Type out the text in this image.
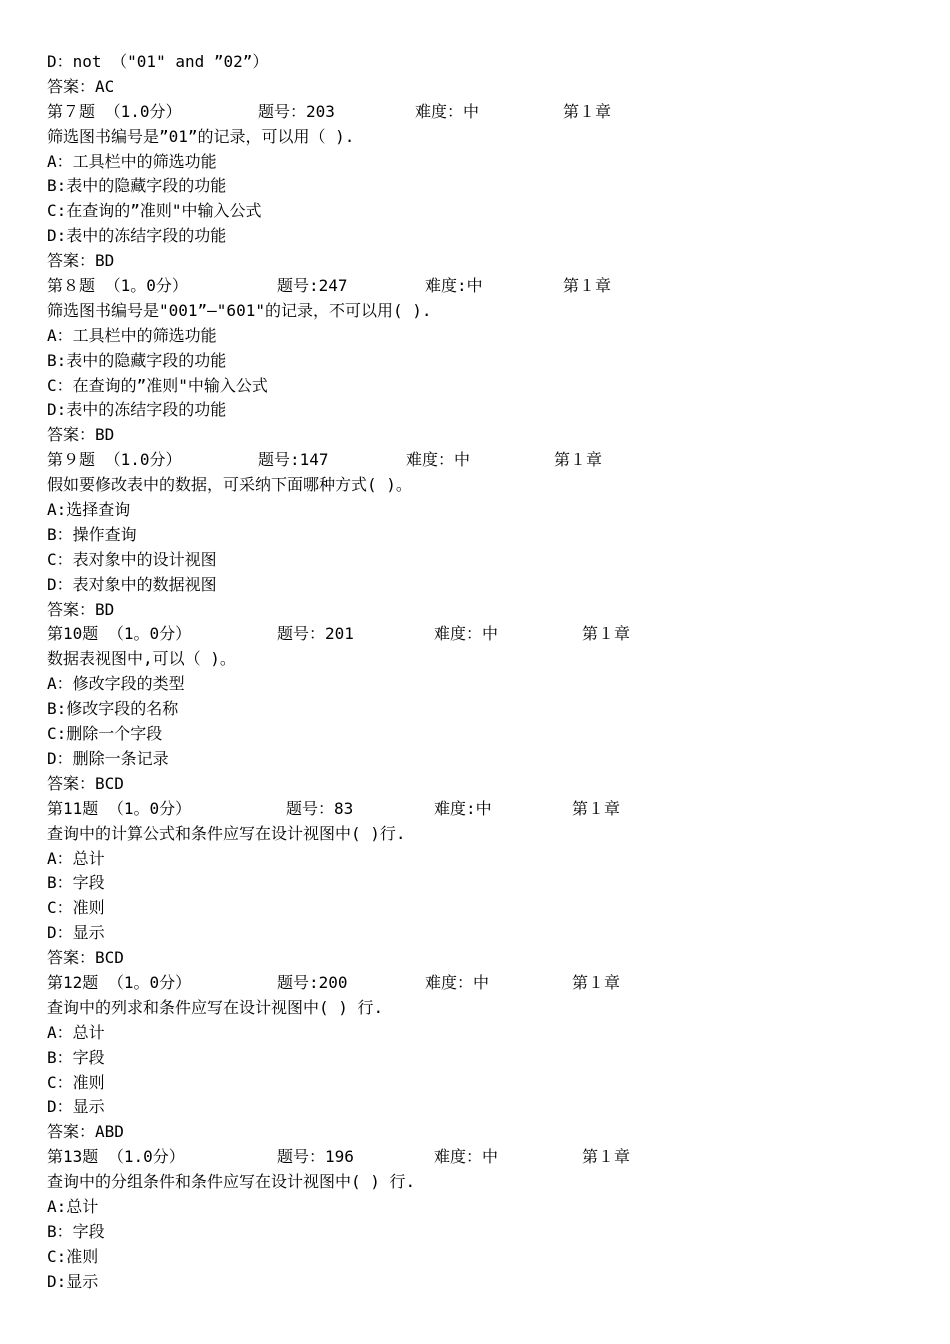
D：not （"01" and ”02”）
答案：AC

第７题 （1.0分）

	题号：203

	难度：中

	第１章

筛选图书编号是”01”的记录，可以用（ ).
A：工具栏中的筛选功能
B:表中的隐藏字段的功能
C:在查询的”准则"中输入公式
D:表中的冻结字段的功能
答案：BD

第８题 （1。0分）

	题号:247

	难度:中

	第１章

筛选图书编号是"001”—"601"的记录，不可以用( ).
A：工具栏中的筛选功能
B:表中的隐藏字段的功能
C：在查询的”准则"中输入公式
D:表中的冻结字段的功能
答案：BD

第９题 （1.0分）

	题号:147

	难度：中

	第１章

假如要修改表中的数据，可采纳下面哪种方式( )。
A:选择查询
B：操作查询
C：表对象中的设计视图
D：表对象中的数据视图
答案：BD

第10题 （1。0分）

	题号：201

	难度：中

	第１章

数据表视图中,可以（ )。
A：修改字段的类型
B:修改字段的名称
C:删除一个字段
D：删除一条记录
答案：BCD

第11题 （1。0分）

	题号：83

	难度:中

	第１章

查询中的计算公式和条件应写在设计视图中( )行.
A：总计
B：字段
C：准则
D：显示
答案：BCD

第12题 （1。0分）

	题号:200

	难度：中

	第１章

查询中的列求和条件应写在设计视图中( ) 行.
A：总计
B：字段
C：准则
D：显示
答案：ABD

第13题 （1.0分）

	题号：196

	难度：中

	第１章

查询中的分组条件和条件应写在设计视图中( ) 行.
A:总计
B：字段
C:准则
D:显示
